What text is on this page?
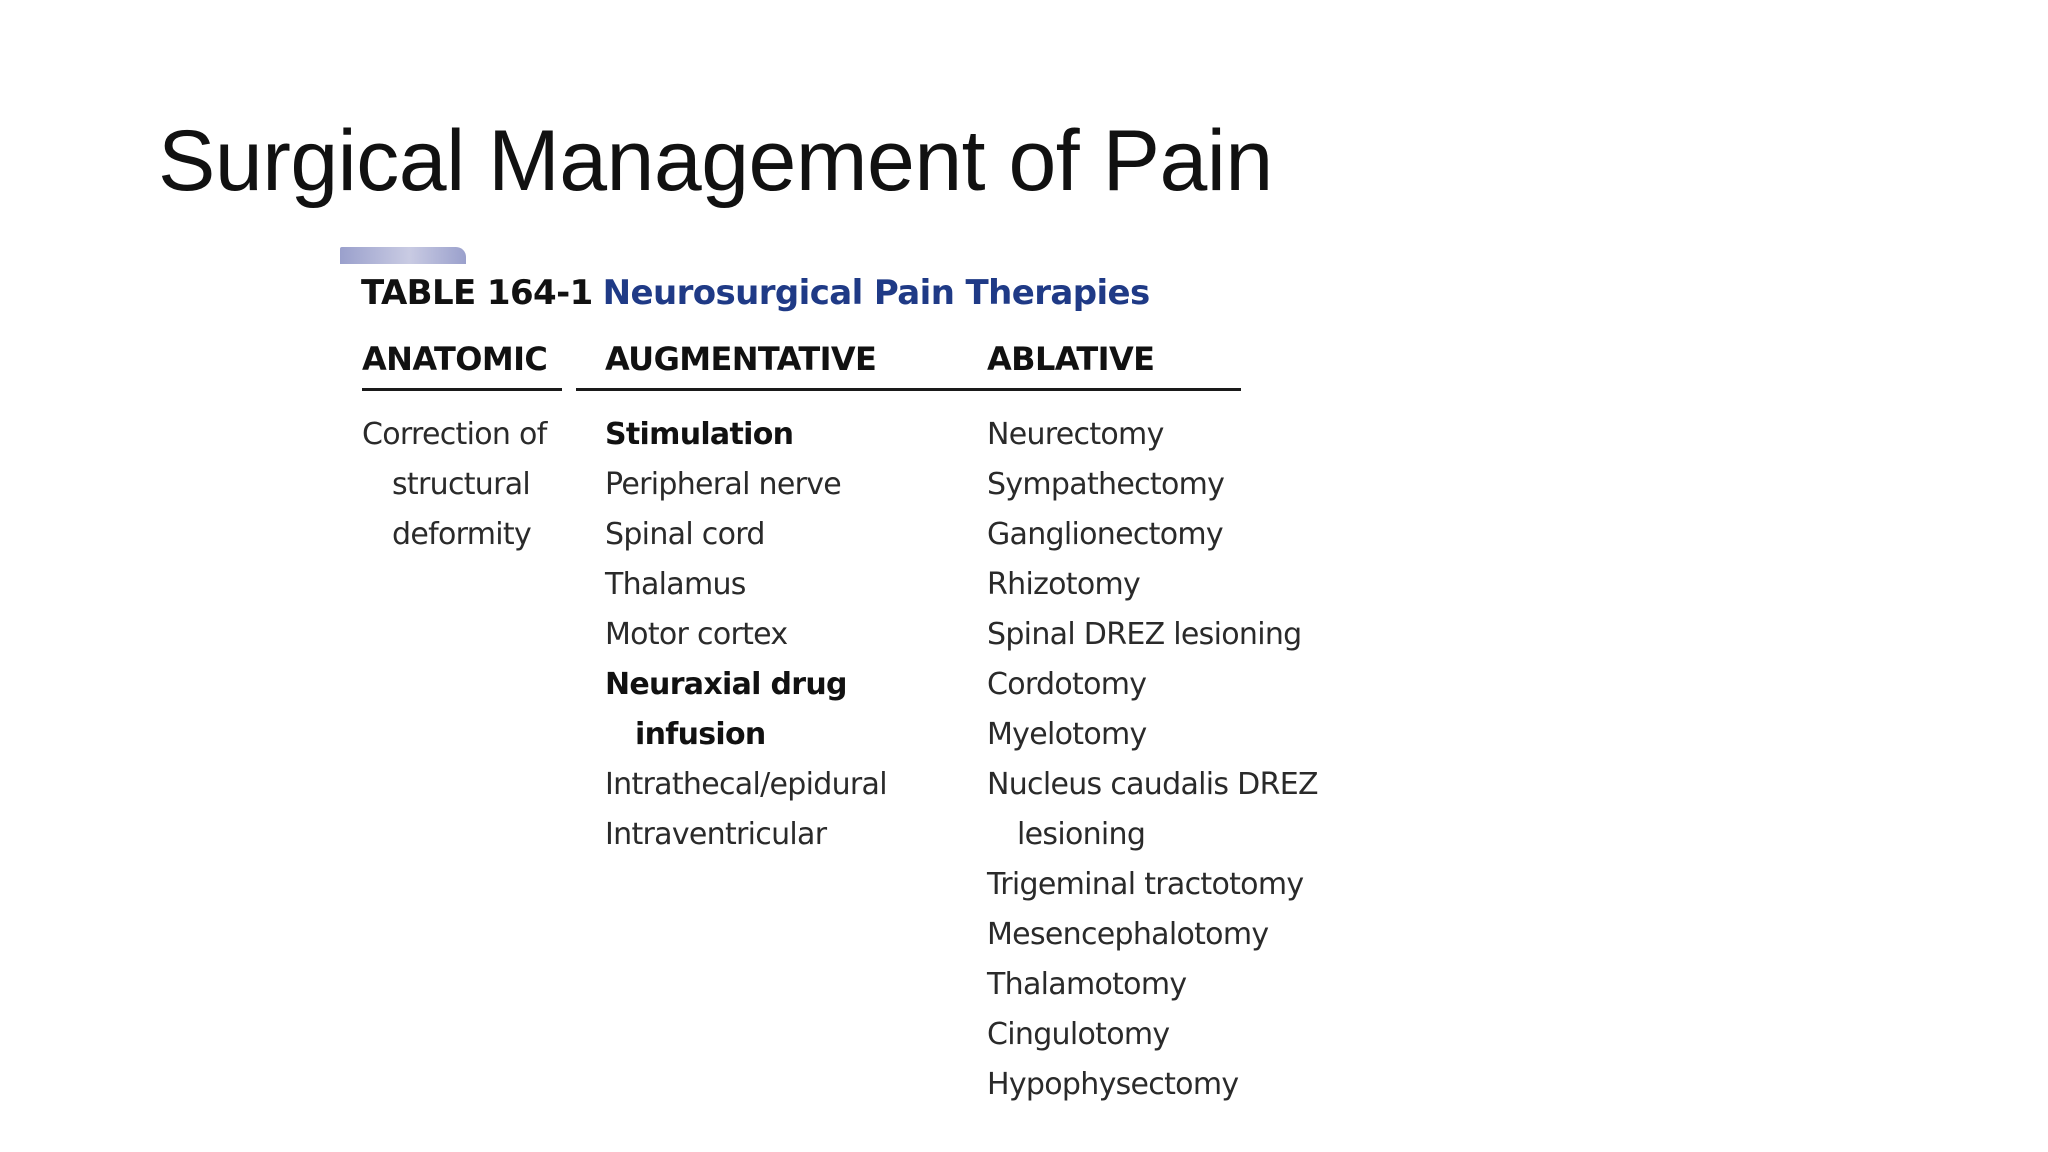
Surgical Management of Pain
TABLE 164-1 Neurosurgical Pain Therapies
ANATOMIC AUGMENTATIVE	ABLATIVE
Correction of
structural
deformity
Stimulation
Peripheral nerve
Spinal cord
Thalamus
Motor cortex
Neuraxial drug
infusion
Intrathecal/epidural
Intraventricular
Neurectomy
Sympathectomy
Ganglionectomy
Rhizotomy
Spinal DREZ lesioning
Cordotomy
Myelotomy
Nucleus caudalis DREZ
lesioning
Trigeminal tractotomy
Mesencephalotomy
Thalamotomy
Cingulotomy
Hypophysectomy
